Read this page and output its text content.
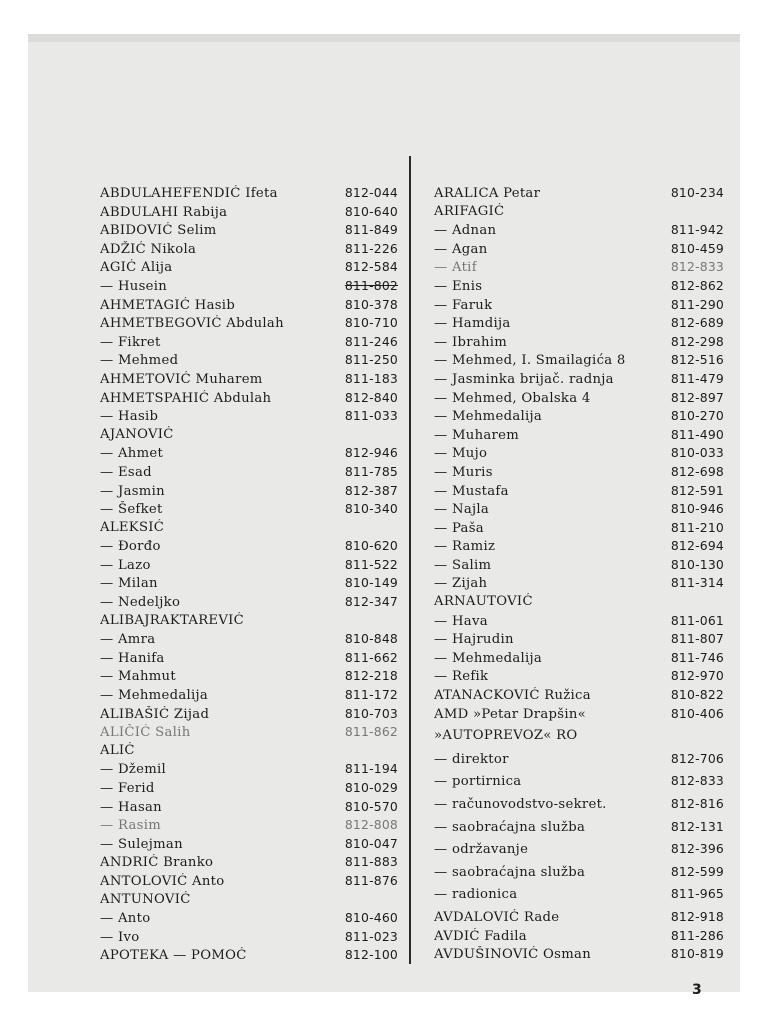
ABDULAHEFENDIĆ Ifeta	812-044
ABDULAHI Rabija	810-640
ABIDOVIĆ Selim	811-849
ADŽIĆ Nikola	811-226
AGIĆ Alija	812-584
— Husein	811-802
AHMETAGIĆ Hasib	810-378
AHMETBEGOVIĆ Abdulah	810-710
— Fikret	811-246
— Mehmed	811-250
AHMETOVIĆ Muharem	811-183
AHMETSPAHIĆ Abdulah	812-840
— Hasib	811-033
AJANOVIĆ
— Ahmet	812-946
— Esad	811-785
— Jasmin	812-387
— Šefket	810-340
ALEKSIĆ
— Đorđo	810-620
— Lazo	811-522
— Milan	810-149
— Nedeljko	812-347
ALIBAJRAKTAREVIĆ
— Amra	810-848
— Hanifa	811-662
— Mahmut	812-218
— Mehmedalija	811-172
ALIBAŠIĆ Zijad	810-703
ALIČIĆ Salih	811-862
ALIĆ
— Džemil	811-194
— Ferid	810-029
— Hasan	810-570
— Rasim	812-808
— Sulejman	810-047
ANDRIĆ Branko	811-883
ANTOLOVIĆ Anto	811-876
ANTUNOVIĆ
— Anto	810-460
— Ivo	811-023
APOTEKA — POMOĆ	812-100
ARALICA Petar	810-234
ARIFAGIĆ
— Adnan	811-942
— Agan	810-459
— Atif	812-833
— Enis	812-862
— Faruk	811-290
— Hamdija	812-689
— Ibrahim	812-298
— Mehmed, I. Smailagića 8	812-516
— Jasminka brijač. radnja	811-479
— Mehmed, Obalska 4	812-897
— Mehmedalija	810-270
— Muharem	811-490
— Mujo	810-033
— Muris	812-698
— Mustafa	812-591
— Najla	810-946
— Paša	811-210
— Ramiz	812-694
— Salim	810-130
— Zijah	811-314
ARNAUTOVIĆ
— Hava	811-061
— Hajrudin	811-807
— Mehmedalija	811-746
— Refik	812-970
ATANACKOVIĆ Ružica	810-822
AMD »Petar Drapšin«	810-406
»AUTOPREVOZ« RO
— direktor	812-706
— portirnica	812-833
— računovodstvo-sekret.	812-816
— saobraćajna služba	812-131
— održavanje	812-396
— saobraćajna služba	812-599
— radionica	811-965
AVDALOVIĆ Rade	812-918
AVDIĆ Fadila	811-286
AVDUŠINOVIĆ Osman	810-819
3
